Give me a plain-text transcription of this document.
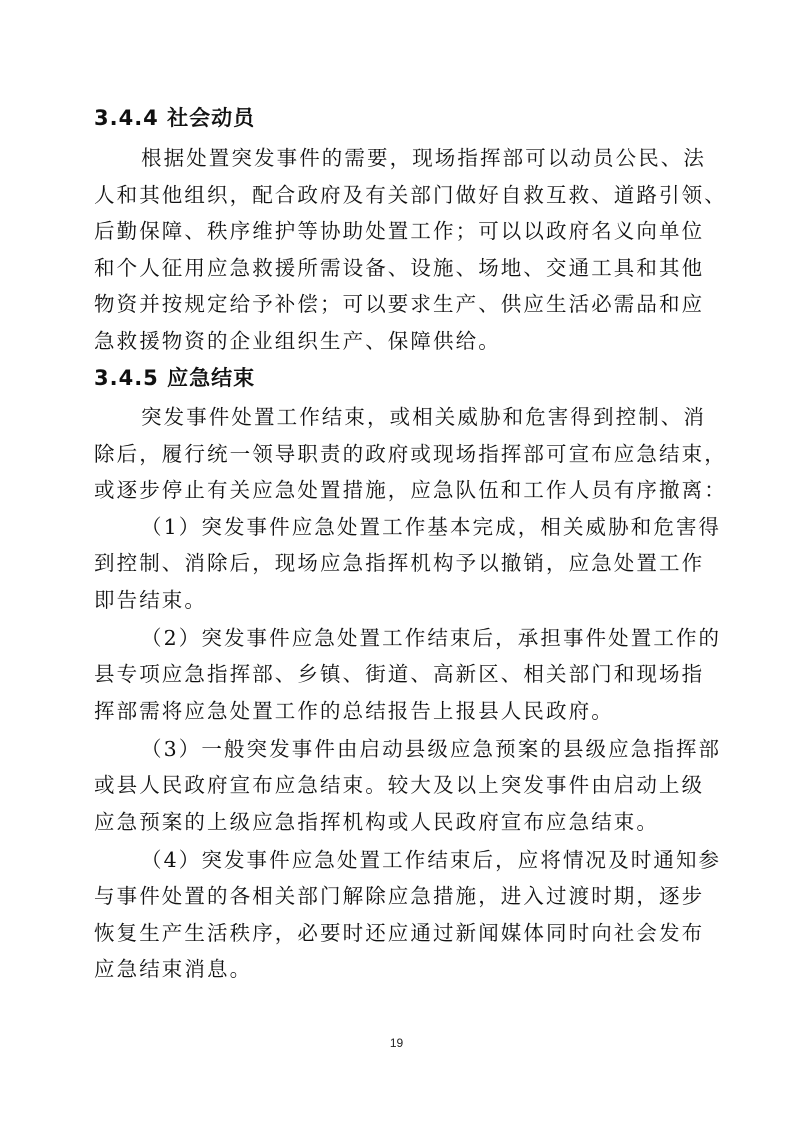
3.4.4 社会动员
根据处置突发事件的需要，现场指挥部可以动员公民、法
人和其他组织，配合政府及有关部门做好自救互救、道路引领、
后勤保障、秩序维护等协助处置工作；可以以政府名义向单位
和个人征用应急救援所需设备、设施、场地、交通工具和其他
物资并按规定给予补偿；可以要求生产、供应生活必需品和应
急救援物资的企业组织生产、保障供给。
3.4.5 应急结束
突发事件处置工作结束，或相关威胁和危害得到控制、消
除后，履行统一领导职责的政府或现场指挥部可宣布应急结束，
或逐步停止有关应急处置措施，应急队伍和工作人员有序撤离：
（1）突发事件应急处置工作基本完成，相关威胁和危害得
到控制、消除后，现场应急指挥机构予以撤销，应急处置工作
即告结束。
（2）突发事件应急处置工作结束后，承担事件处置工作的
县专项应急指挥部、乡镇、街道、高新区、相关部门和现场指
挥部需将应急处置工作的总结报告上报县人民政府。
（3）一般突发事件由启动县级应急预案的县级应急指挥部
或县人民政府宣布应急结束。较大及以上突发事件由启动上级
应急预案的上级应急指挥机构或人民政府宣布应急结束。
（4）突发事件应急处置工作结束后，应将情况及时通知参
与事件处置的各相关部门解除应急措施，进入过渡时期，逐步
恢复生产生活秩序，必要时还应通过新闻媒体同时向社会发布
应急结束消息。
19
